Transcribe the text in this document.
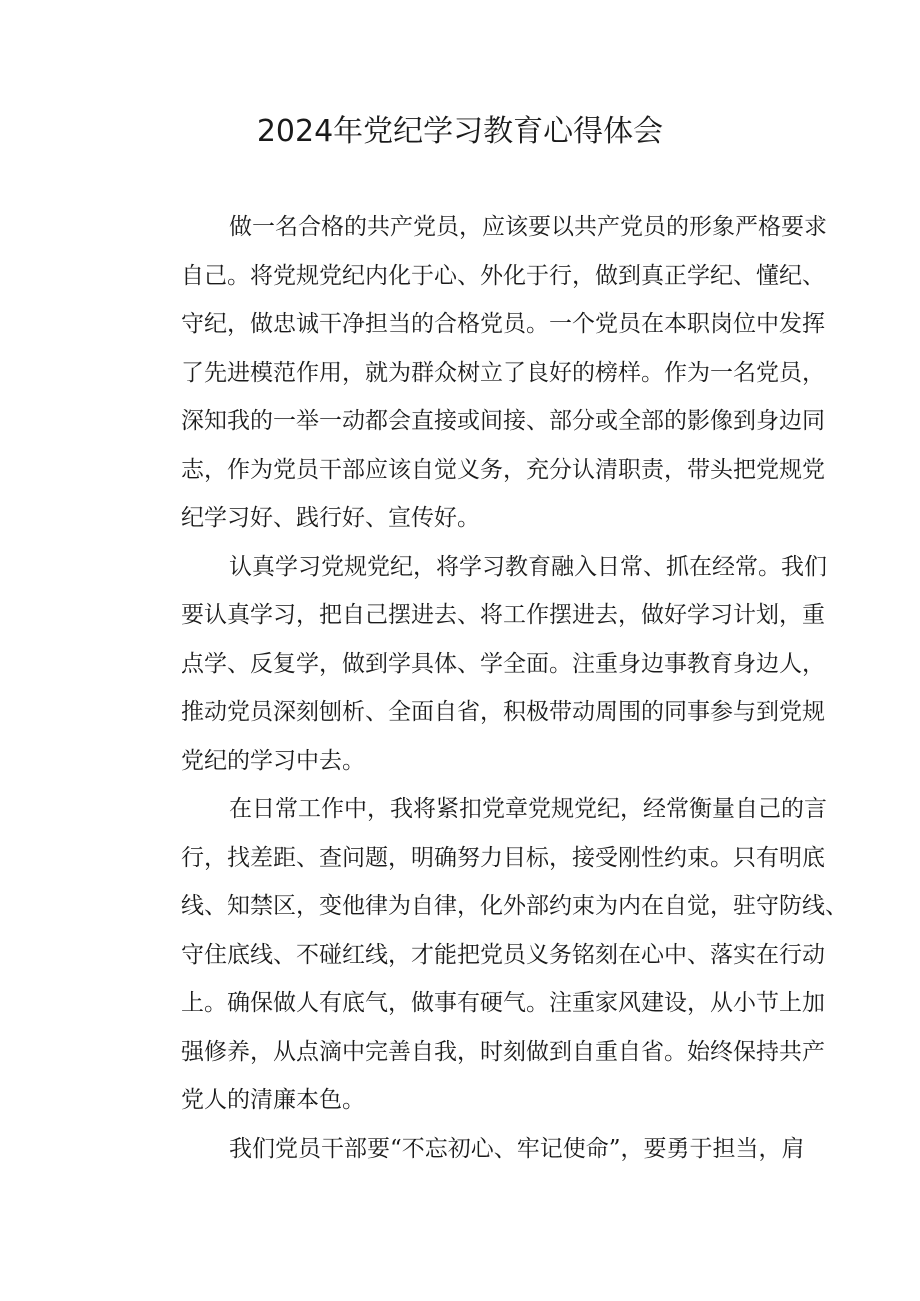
2024年党纪学习教育心得体会
做一名合格的共产党员，应该要以共产党员的形象严格要求
自己。将党规党纪内化于心、外化于行，做到真正学纪、懂纪、
守纪，做忠诚干净担当的合格党员。一个党员在本职岗位中发挥
了先进模范作用，就为群众树立了良好的榜样。作为一名党员，
深知我的一举一动都会直接或间接、部分或全部的影像到身边同
志，作为党员干部应该自觉义务，充分认清职责，带头把党规党
纪学习好、践行好、宣传好。
认真学习党规党纪，将学习教育融入日常、抓在经常。我们
要认真学习，把自己摆进去、将工作摆进去，做好学习计划，重
点学、反复学，做到学具体、学全面。注重身边事教育身边人，
推动党员深刻刨析、全面自省，积极带动周围的同事参与到党规
党纪的学习中去。
在日常工作中，我将紧扣党章党规党纪，经常衡量自己的言
行，找差距、查问题，明确努力目标，接受刚性约束。只有明底
线、知禁区，变他律为自律，化外部约束为内在自觉，驻守防线、
守住底线、不碰红线，才能把党员义务铭刻在心中、落实在行动
上。确保做人有底气，做事有硬气。注重家风建设，从小节上加
强修养，从点滴中完善自我，时刻做到自重自省。始终保持共产
党人的清廉本色。
我们党员干部要“不忘初心、牢记使命”，要勇于担当，肩
